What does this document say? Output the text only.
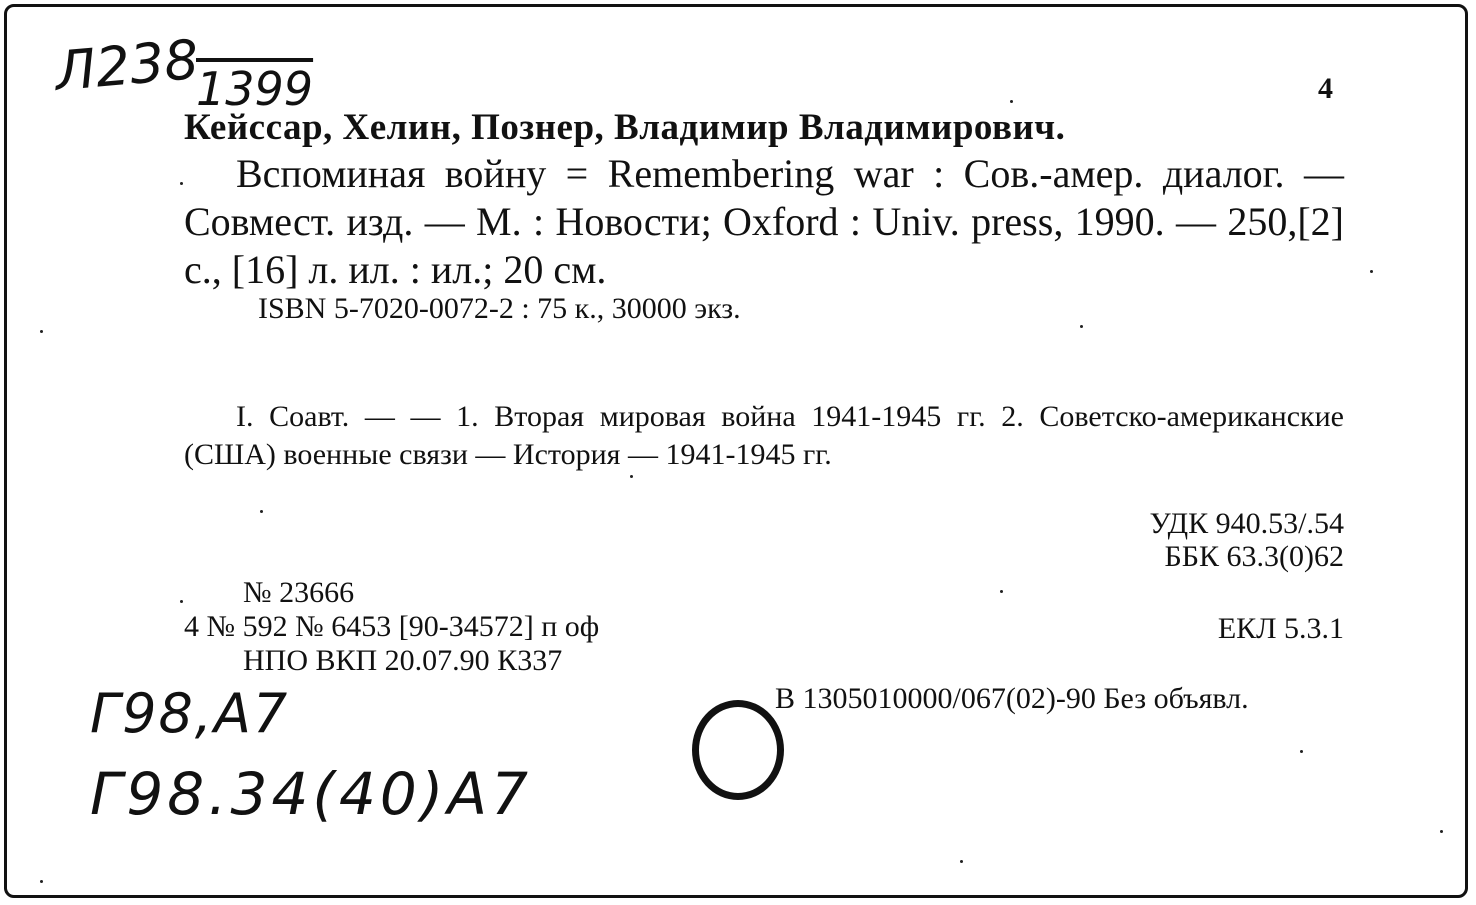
Л238
1399	4
Кейссар, Хелин, Познер, Владимир Владимирович.
Вспоминая войну = Remembering war : Сов.-амер. диалог. — Совмест. изд. — М. : Новости; Oxford : Univ. press, 1990. — 250,[2] с., [16] л. ил. : ил.; 20 см.
ISBN 5-7020-0072-2 : 75 к., 30000 экз.
I. Соавт. — — 1. Вторая мировая война 1941-1945 гг. 2. Советско-американские (США) военные связи — История — 1941-1945 гг.
УДК 940.53/.54
ББК 63.3(0)62
№ 23666
4 № 592 № 6453 [90-34572] п оф	ЕКЛ 5.3.1
НПО ВКП 20.07.90 К337
В 1305010000/067(02)-90 Без объявл.
Г98,А7
Г98.34(40)А7
